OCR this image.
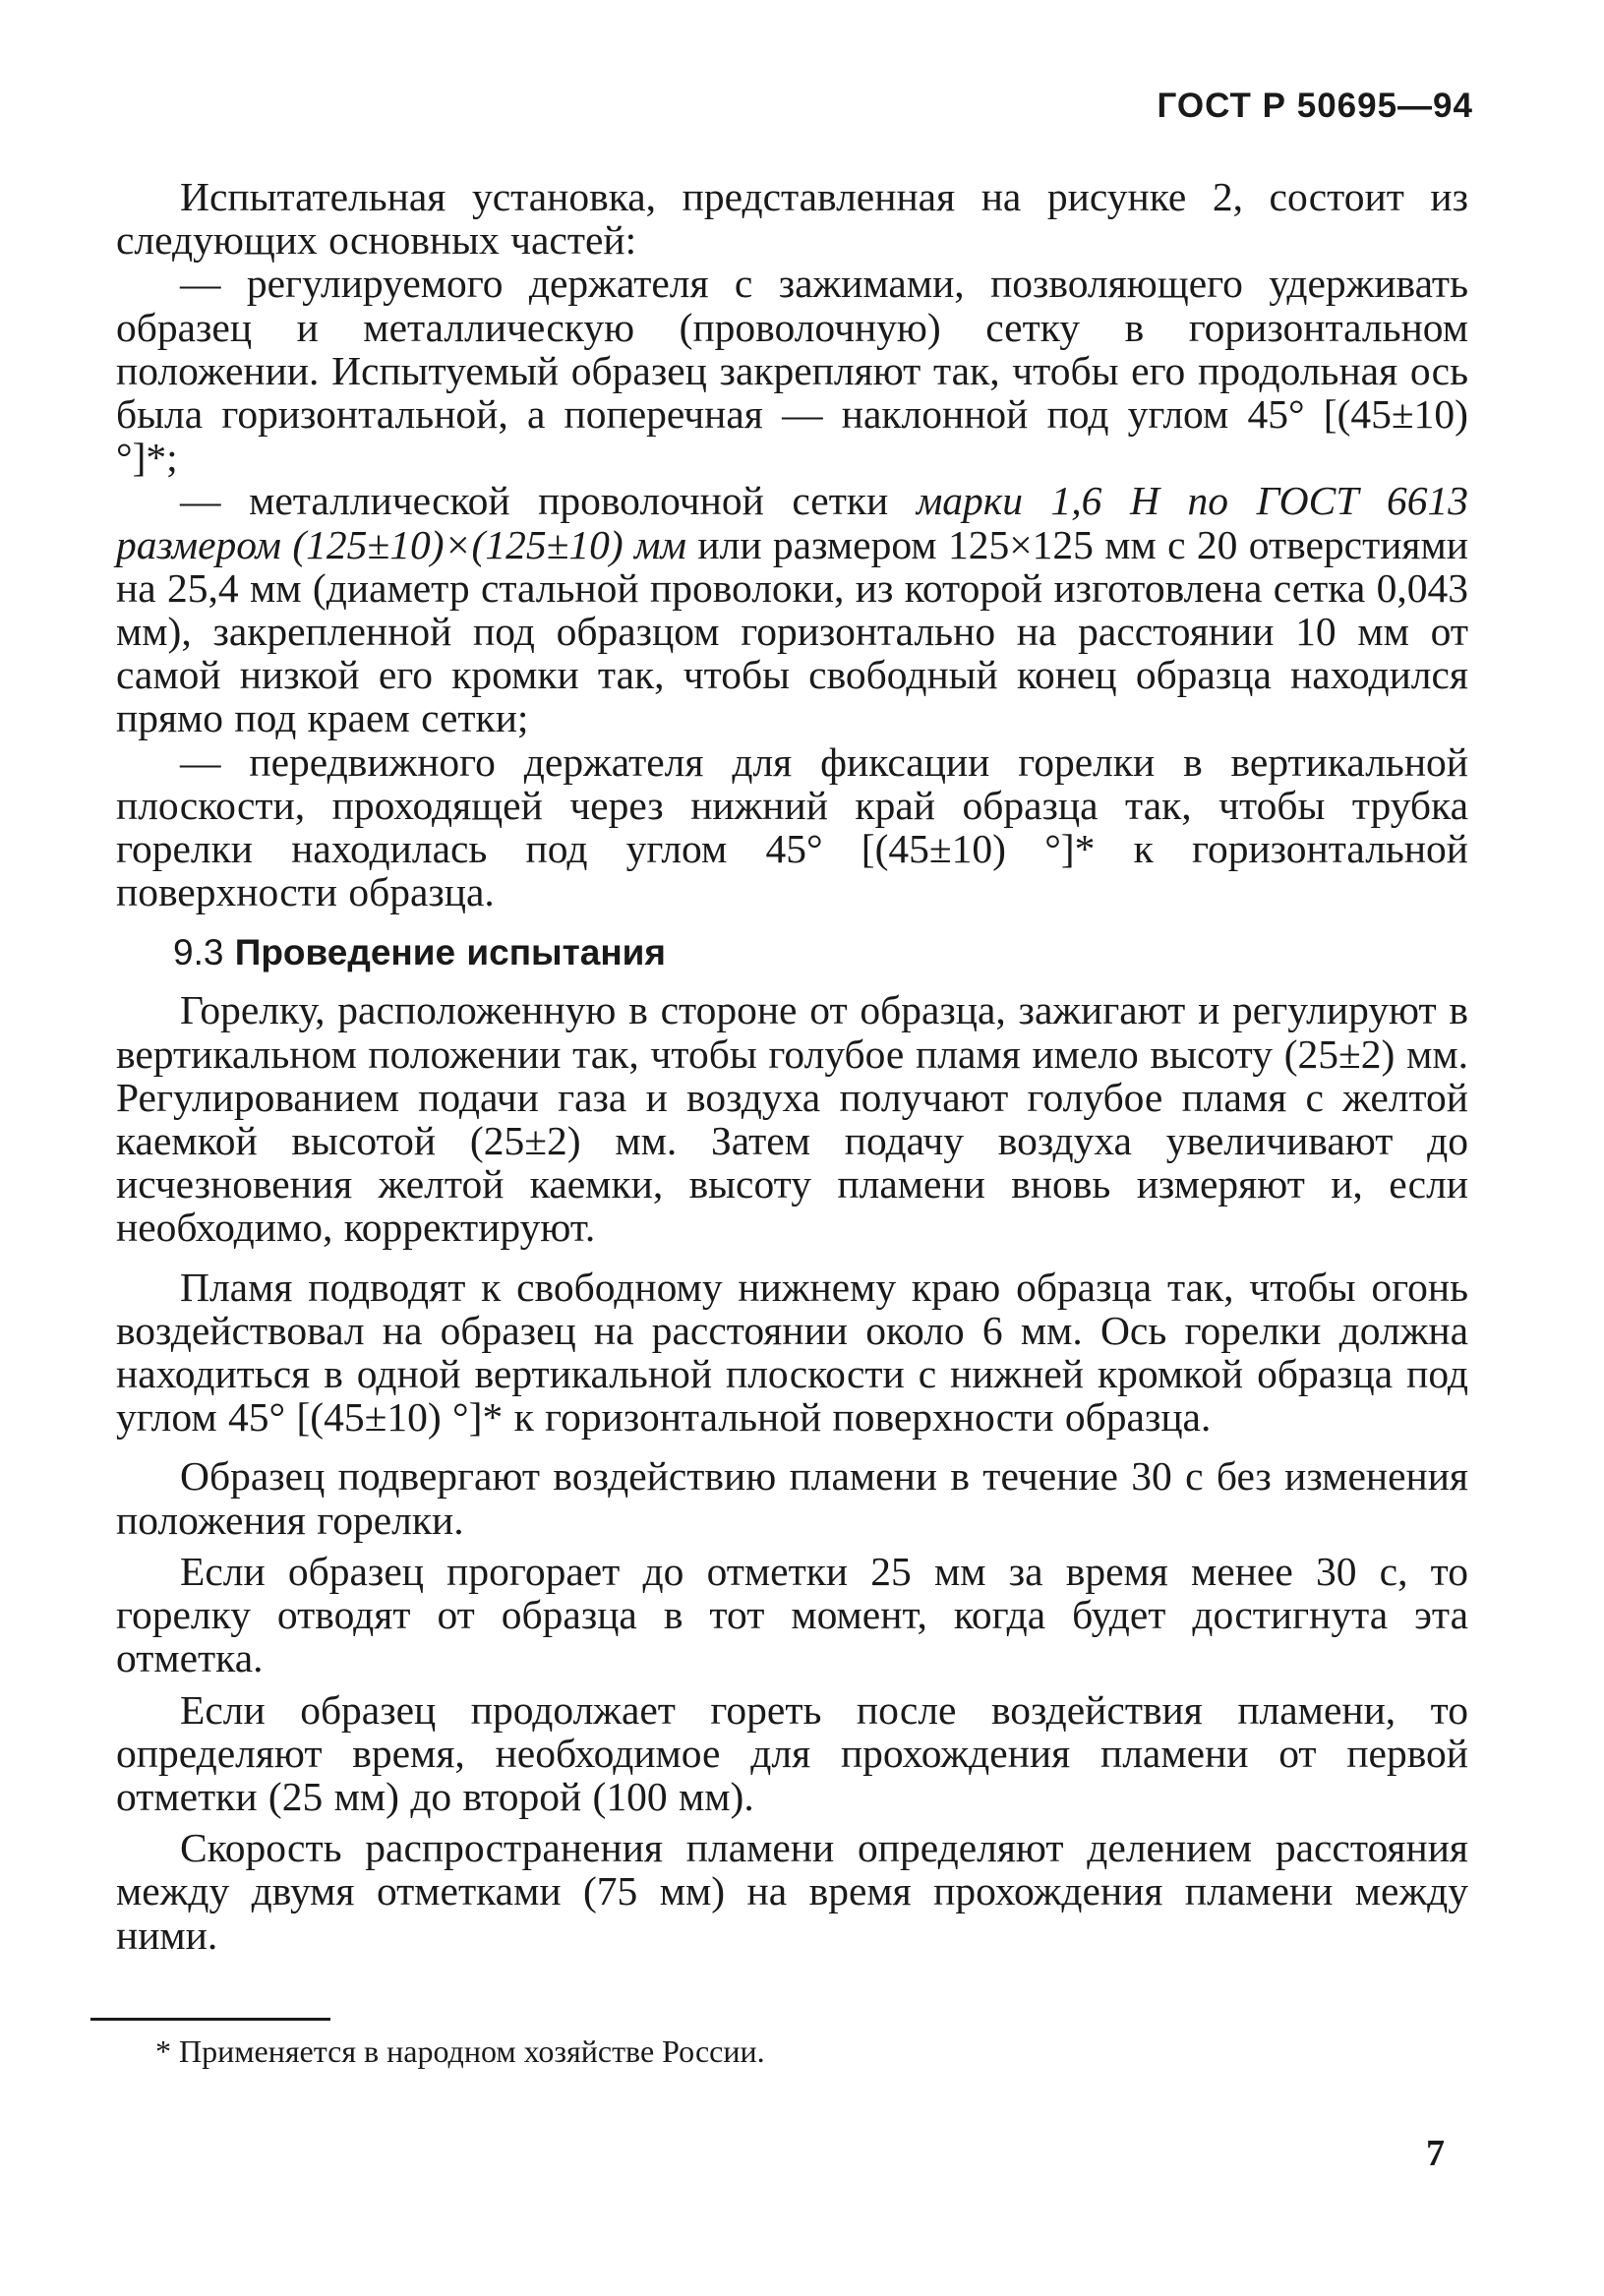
ГОСТ Р 50695—94

Испытательная установка, представленная на рисунке 2, состоит из следующих основных частей:

— регулируемого держателя с зажимами, позволяющего удерживать образец и металлическую (проволочную) сетку в горизонтальном положении. Испытуемый образец закрепляют так, чтобы его продольная ось была горизонтальной, а поперечная — наклонной под углом 45° [(45±10) °]*;

— металлической проволочной сетки марки 1,6 Н по ГОСТ 6613 размером (125±10)×(125±10) мм или размером 125×125 мм с 20 отверстиями на 25,4 мм (диаметр стальной проволоки, из которой изготовлена сетка 0,043 мм), закрепленной под образцом горизонтально на расстоянии 10 мм от самой низкой его кромки так, чтобы свободный конец образца находился прямо под краем сетки;

— передвижного держателя для фиксации горелки в вертикальной плоскости, проходящей через нижний край образца так, чтобы трубка горелки находилась под углом 45° [(45±10) °]* к горизонтальной поверхности образца.

9.3 Проведение испытания

Горелку, расположенную в стороне от образца, зажигают и регулируют в вертикальном положении так, чтобы голубое пламя имело высоту (25±2) мм. Регулированием подачи газа и воздуха получают голубое пламя с желтой каемкой высотой (25±2) мм. Затем подачу воздуха увеличивают до исчезновения желтой каемки, высоту пламени вновь измеряют и, если необходимо, корректируют.

Пламя подводят к свободному нижнему краю образца так, чтобы огонь воздействовал на образец на расстоянии около 6 мм. Ось горелки должна находиться в одной вертикальной плоскости с нижней кромкой образца под углом 45° [(45±10) °]* к горизонтальной поверхности образца.

Образец подвергают воздействию пламени в течение 30 с без изменения положения горелки.

Если образец прогорает до отметки 25 мм за время менее 30 с, то горелку отводят от образца в тот момент, когда будет достигнута эта отметка.

Если образец продолжает гореть после воздействия пламени, то определяют время, необходимое для прохождения пламени от первой отметки (25 мм) до второй (100 мм).

Скорость распространения пламени определяют делением расстояния между двумя отметками (75 мм) на время прохождения пламени между ними.

* Применяется в народном хозяйстве России.
7
